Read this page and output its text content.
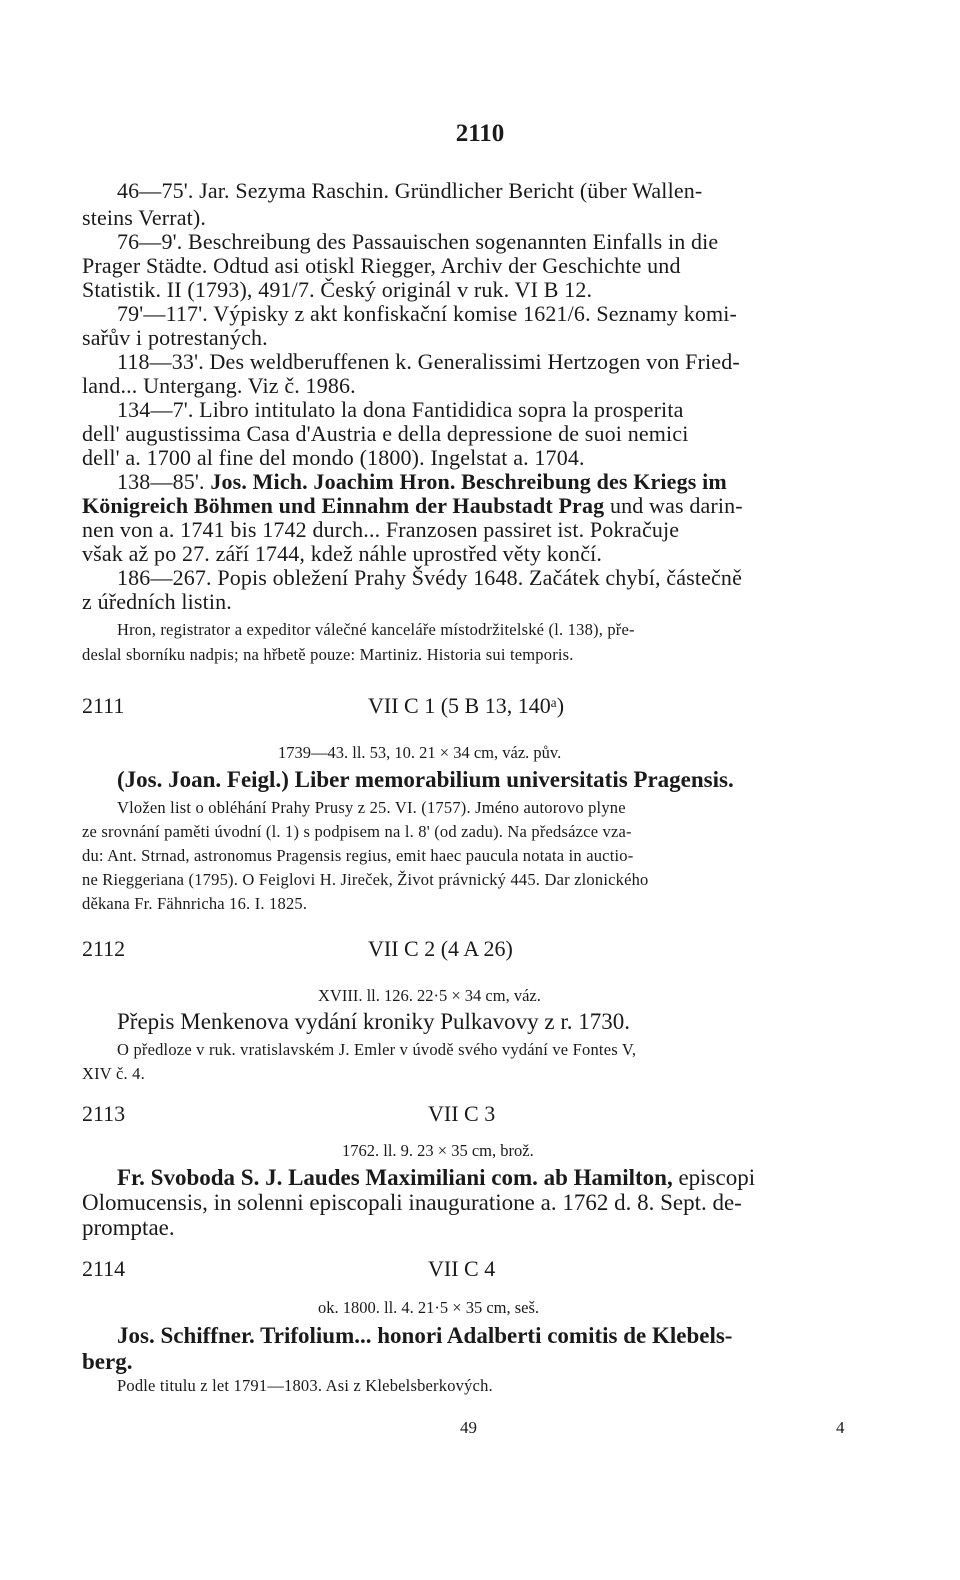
2110
46—75'. Jar. Sezyma Raschin. Gründlicher Bericht (über Wallen-
steins Verrat).
76—9'. Beschreibung des Passauischen sogenannten Einfalls in die
Prager Städte. Odtud asi otiskl Riegger, Archiv der Geschichte und
Statistik. II (1793), 491/7. Český originál v ruk. VI B 12.
79'—117'. Výpisky z akt konfiskační komise 1621/6. Seznamy komi-
sařův i potrestaných.
118—33'. Des weldberuffenen k. Generalissimi Hertzogen von Fried-
land... Untergang. Viz č. 1986.
134—7'. Libro intitulato la dona Fantididica sopra la prosperita
dell' augustissima Casa d'Austria e della depressione de suoi nemici
dell' a. 1700 al fine del mondo (1800). Ingelstat a. 1704.
138—85'. Jos. Mich. Joachim Hron. Beschreibung des Kriegs im
Königreich Böhmen und Einnahm der Haubstadt Prag und was darin-
nen von a. 1741 bis 1742 durch... Franzosen passiret ist. Pokračuje
však až po 27. září 1744, kdež náhle uprostřed věty končí.
186—267. Popis obležení Prahy Švédy 1648. Začátek chybí, částečně
z úředních listin.
Hron, registrator a expeditor válečné kanceláře místodržitelské (l. 138), pře-
deslal sborníku nadpis; na hřbetě pouze: Martiniz. Historia sui temporis.
2111	VII C 1 (5 B 13, 140ᵃ)
1739—43. ll. 53, 10. 21 × 34 cm, váz. pův.
(Jos. Joan. Feigl.) Liber memorabilium universitatis Pragensis.
Vložen list o obléhání Prahy Prusy z 25. VI. (1757). Jméno autorovo plyne
ze srovnání paměti úvodní (l. 1) s podpisem na l. 8' (od zadu). Na předsázce vza-
du: Ant. Strnad, astronomus Pragensis regius, emit haec paucula notata in auctio-
ne Rieggeriana (1795). O Feiglovi H. Jireček, Život právnický 445. Dar zlonického
děkana Fr. Fähnricha 16. I. 1825.
2112	VII C 2 (4 A 26)
XVIII. ll. 126. 22·5 × 34 cm, váz.
Přepis Menkenova vydání kroniky Pulkavovy z r. 1730.
O předloze v ruk. vratislavském J. Emler v úvodě svého vydání ve Fontes V,
XIV č. 4.
2113	VII C 3
1762. ll. 9. 23 × 35 cm, brož.
Fr. Svoboda S. J. Laudes Maximiliani com. ab Hamilton, episcopi
Olomucensis, in solenni episcopali inauguratione a. 1762 d. 8. Sept. de-
promptae.
2114	VII C 4
ok. 1800. ll. 4. 21·5 × 35 cm, seš.
Jos. Schiffner. Trifolium... honori Adalberti comitis de Klebels-
berg.
Podle titulu z let 1791—1803. Asi z Klebelsberkových.
49	4
